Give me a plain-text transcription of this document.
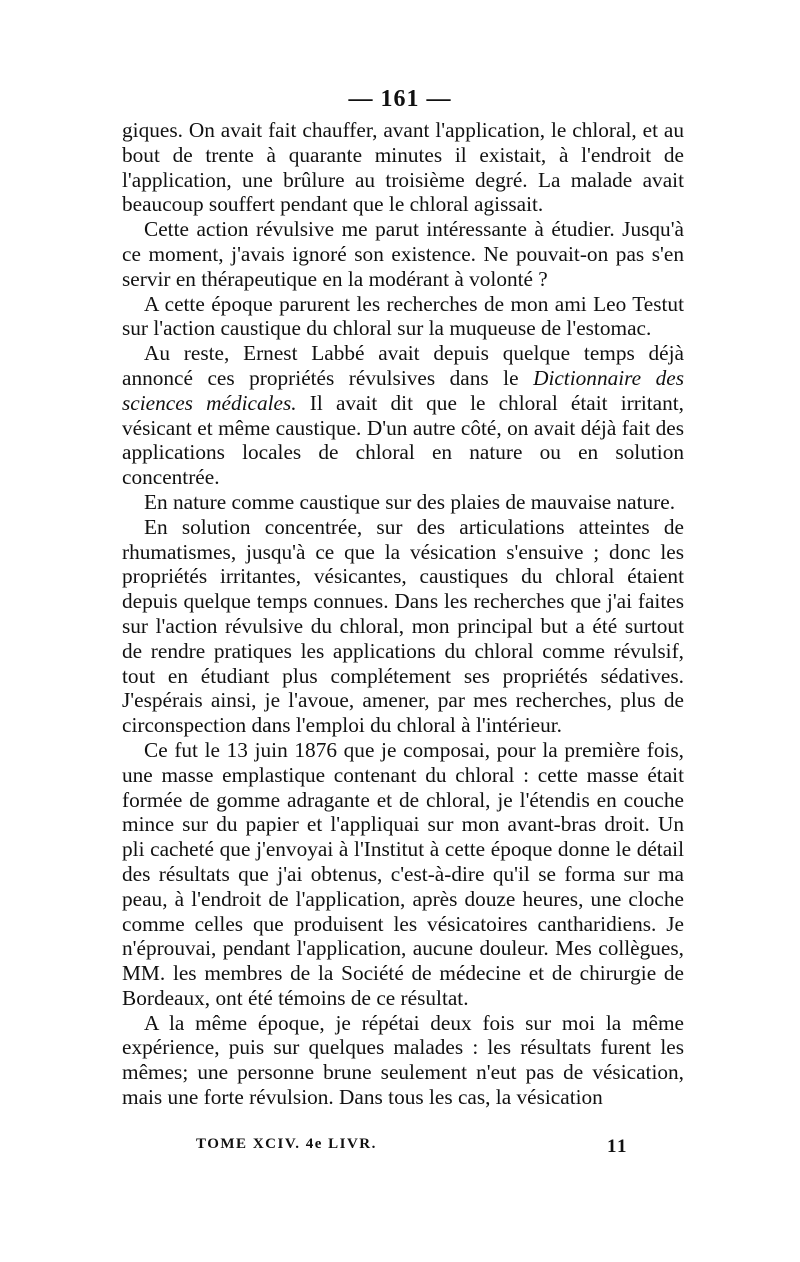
— 161 —

giques. On avait fait chauffer, avant l'application, le chloral, et au bout de trente à quarante minutes il existait, à l'endroit de l'application, une brûlure au troisième degré. La malade avait beaucoup souffert pendant que le chloral agissait.

Cette action révulsive me parut intéressante à étudier. Jusqu'à ce moment, j'avais ignoré son existence. Ne pouvait-on pas s'en servir en thérapeutique en la modérant à volonté ?

A cette époque parurent les recherches de mon ami Leo Testut sur l'action caustique du chloral sur la muqueuse de l'estomac.

Au reste, Ernest Labbé avait depuis quelque temps déjà annoncé ces propriétés révulsives dans le Dictionnaire des sciences médicales. Il avait dit que le chloral était irritant, vésicant et même caustique. D'un autre côté, on avait déjà fait des applications locales de chloral en nature ou en solution concentrée.

En nature comme caustique sur des plaies de mauvaise nature.

En solution concentrée, sur des articulations atteintes de rhumatismes, jusqu'à ce que la vésication s'ensuive ; donc les propriétés irritantes, vésicantes, caustiques du chloral étaient depuis quelque temps connues. Dans les recherches que j'ai faites sur l'action révulsive du chloral, mon principal but a été surtout de rendre pratiques les applications du chloral comme révulsif, tout en étudiant plus complétement ses propriétés sédatives. J'espérais ainsi, je l'avoue, amener, par mes recherches, plus de circonspection dans l'emploi du chloral à l'intérieur.

Ce fut le 13 juin 1876 que je composai, pour la première fois, une masse emplastique contenant du chloral : cette masse était formée de gomme adragante et de chloral, je l'étendis en couche mince sur du papier et l'appliquai sur mon avant-bras droit. Un pli cacheté que j'envoyai à l'Institut à cette époque donne le détail des résultats que j'ai obtenus, c'est-à-dire qu'il se forma sur ma peau, à l'endroit de l'application, après douze heures, une cloche comme celles que produisent les vésicatoires cantharidiens. Je n'éprouvai, pendant l'application, aucune douleur. Mes collègues, MM. les membres de la Société de médecine et de chirurgie de Bordeaux, ont été témoins de ce résultat.

A la même époque, je répétai deux fois sur moi la même expérience, puis sur quelques malades : les résultats furent les mêmes; une personne brune seulement n'eut pas de vésication, mais une forte révulsion. Dans tous les cas, la vésication

TOME XCIV. 4e LIVR.	11
